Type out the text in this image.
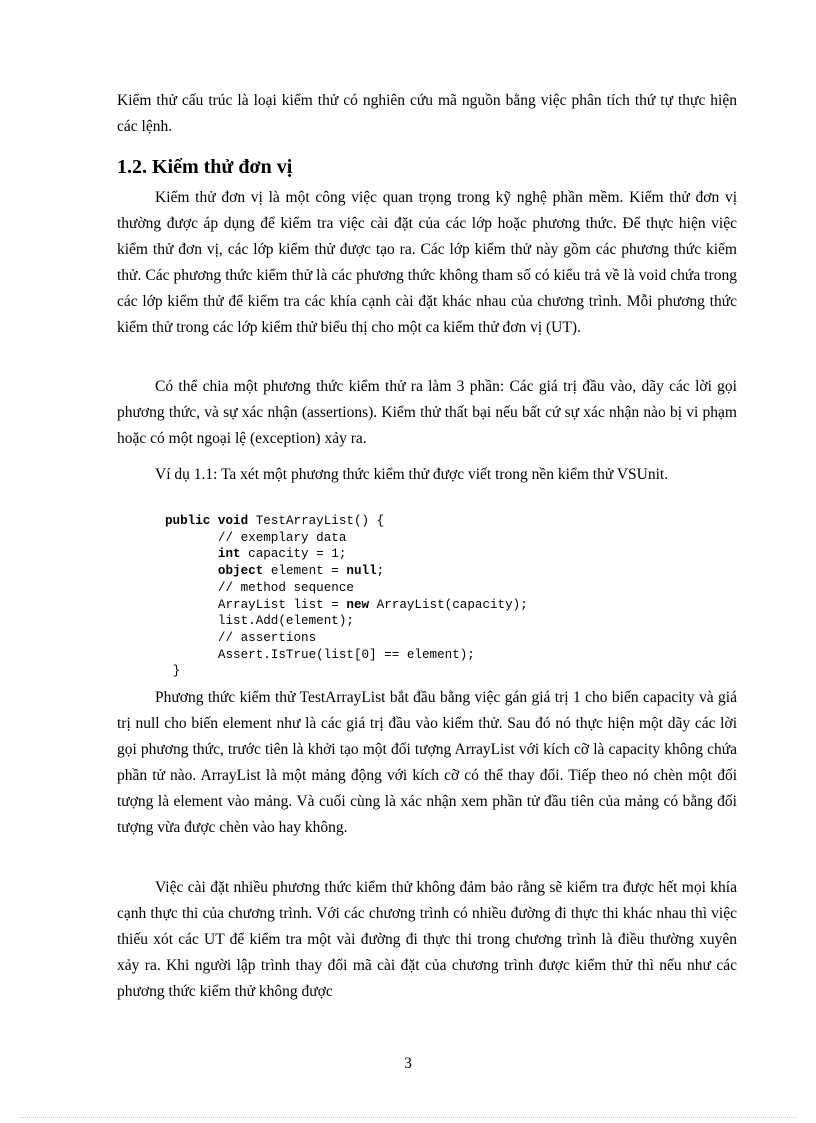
Kiểm thử cấu trúc là loại kiểm thử có nghiên cứu mã nguồn bằng việc phân tích thứ tự thực hiện các lệnh.
1.2. Kiểm thử đơn vị
Kiểm thử đơn vị là một công việc quan trọng trong kỹ nghệ phần mềm. Kiểm thử đơn vị thường được áp dụng để kiểm tra việc cài đặt của các lớp hoặc phương thức. Để thực hiện việc kiểm thử đơn vị, các lớp kiểm thử được tạo ra. Các lớp kiểm thử này gồm các phương thức kiểm thử. Các phương thức kiểm thử là các phương thức không tham số có kiểu trả về là void chứa trong các lớp kiểm thử để kiểm tra các khía cạnh cài đặt khác nhau của chương trình. Mỗi phương thức kiểm thử trong các lớp kiểm thử biểu thị cho một ca kiểm thử đơn vị (UT).
Có thể chia một phương thức kiểm thử ra làm 3 phần: Các giá trị đầu vào, dãy các lời gọi phương thức, và sự xác nhận (assertions). Kiểm thử thất bại nếu bất cứ sự xác nhận nào bị vi phạm hoặc có một ngoại lệ (exception) xảy ra.
Ví dụ 1.1: Ta xét một phương thức kiểm thử được viết trong nền kiểm thử VSUnit.
public void TestArrayList() {
// exemplary data
int capacity = 1;
object element = null;
// method sequence
ArrayList list = new ArrayList(capacity);
list.Add(element);
// assertions
Assert.IsTrue(list[0] == element);
}
Phương thức kiểm thử TestArrayList bắt đầu bằng việc gán giá trị 1 cho biến capacity và giá trị null cho biến element như là các giá trị đầu vào kiểm thử. Sau đó nó thực hiện một dãy các lời gọi phương thức, trước tiên là khởi tạo một đối tượng ArrayList với kích cỡ là capacity không chứa phần tử nào. ArrayList là một mảng động với kích cỡ có thể thay đổi. Tiếp theo nó chèn một đối tượng là element vào mảng. Và cuối cùng là xác nhận xem phần tử đầu tiên của mảng có bằng đối tượng vừa được chèn vào hay không.
Việc cài đặt nhiều phương thức kiểm thử không đảm bảo rằng sẽ kiểm tra được hết mọi khía cạnh thực thi của chương trình. Với các chương trình có nhiều đường đi thực thi khác nhau thì việc thiếu xót các UT để kiểm tra một vài đường đi thực thi trong chương trình là điều thường xuyên xảy ra. Khi người lập trình thay đổi mã cài đặt của chương trình được kiểm thử thì nếu như các phương thức kiểm thử không được
3
